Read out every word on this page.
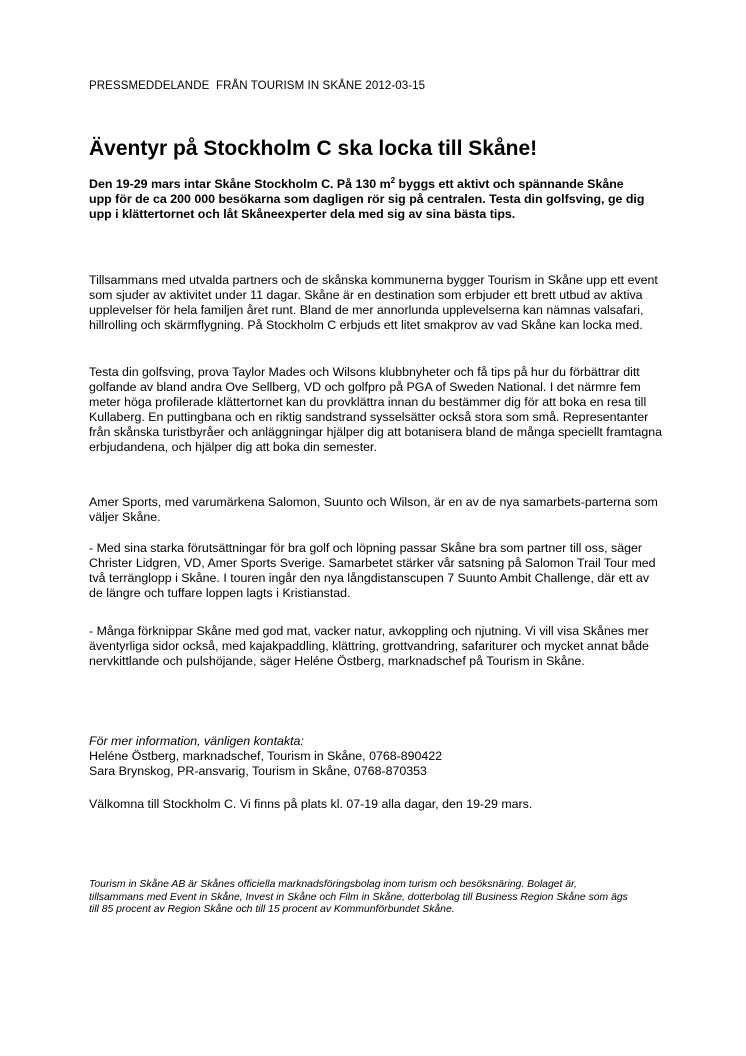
PRESSMEDDELANDE  FRÅN TOURISM IN SKÅNE 2012-03-15
Äventyr på Stockholm C ska locka till Skåne!

Den 19-29 mars intar Skåne Stockholm C. På 130 $m^2$ byggs ett aktivt och spännande Skåne upp för de ca 200 000 besökarna som dagligen rör sig på centralen. Testa din golfsving, ge dig upp i klättertornet och låt Skåneexperter dela med sig av sina bästa tips.

Tillsammans med utvalda partners och de skånska kommunerna bygger Tourism in Skåne upp ett event som sjuder av aktivitet under 11 dagar. Skåne är en destination som erbjuder ett brett utbud av aktiva upplevelser för hela familjen året runt. Bland de mer annorlunda upplevelserna kan nämnas valsafari, hillrolling och skärmflygning. På Stockholm C erbjuds ett litet smakprov av vad Skåne kan locka med.

Testa din golfsving, prova Taylor Mades och Wilsons klubbnyheter och få tips på hur du förbättrar ditt golfande av bland andra Ove Sellberg, VD och golfpro på PGA of Sweden National. I det närmre fem meter höga profilerade klättertornet kan du provklättra innan du bestämmer dig för att boka en resa till Kullaberg. En puttingbana och en riktig sandstrand sysselsätter också stora som små. Representanter från skånska turistbyråer och anläggningar hjälper dig att botanisera bland de många speciellt framtagna erbjudandena, och hjälper dig att boka din semester.

Amer Sports, med varumärkena Salomon, Suunto och Wilson, är en av de nya samarbets-parterna som väljer Skåne.

- Med sina starka förutsättningar för bra golf och löpning passar Skåne bra som partner till oss, säger Christer Lidgren, VD, Amer Sports Sverige. Samarbetet stärker vår satsning på Salomon Trail Tour med två terränglopp i Skåne. I touren ingår den nya långdistanscupen 7 Suunto Ambit Challenge, där ett av de längre och tuffare loppen lagts i Kristianstad.

- Många förknippar Skåne med god mat, vacker natur, avkoppling och njutning. Vi vill visa Skånes mer äventyrliga sidor också, med kajakpaddling, klättring, grottvandring, safariturer och mycket annat både nervkittlande och pulshöjande, säger Heléne Östberg, marknadschef på Tourism in Skåne.

För mer information, vänligen kontakta:
Heléne Östberg, marknadschef, Tourism in Skåne, 0768-890422
Sara Brynskog, PR-ansvarig, Tourism in Skåne, 0768-870353

Välkomna till Stockholm C. Vi finns på plats kl. 07-19 alla dagar, den 19-29 mars.

Tourism in Skåne AB är Skånes officiella marknadsföringsbolag inom turism och besöksnäring. Bolaget är, tillsammans med Event in Skåne, Invest in Skåne och Film in Skåne, dotterbolag till Business Region Skåne som ägs till 85 procent av Region Skåne och till 15 procent av Kommunförbundet Skåne.
